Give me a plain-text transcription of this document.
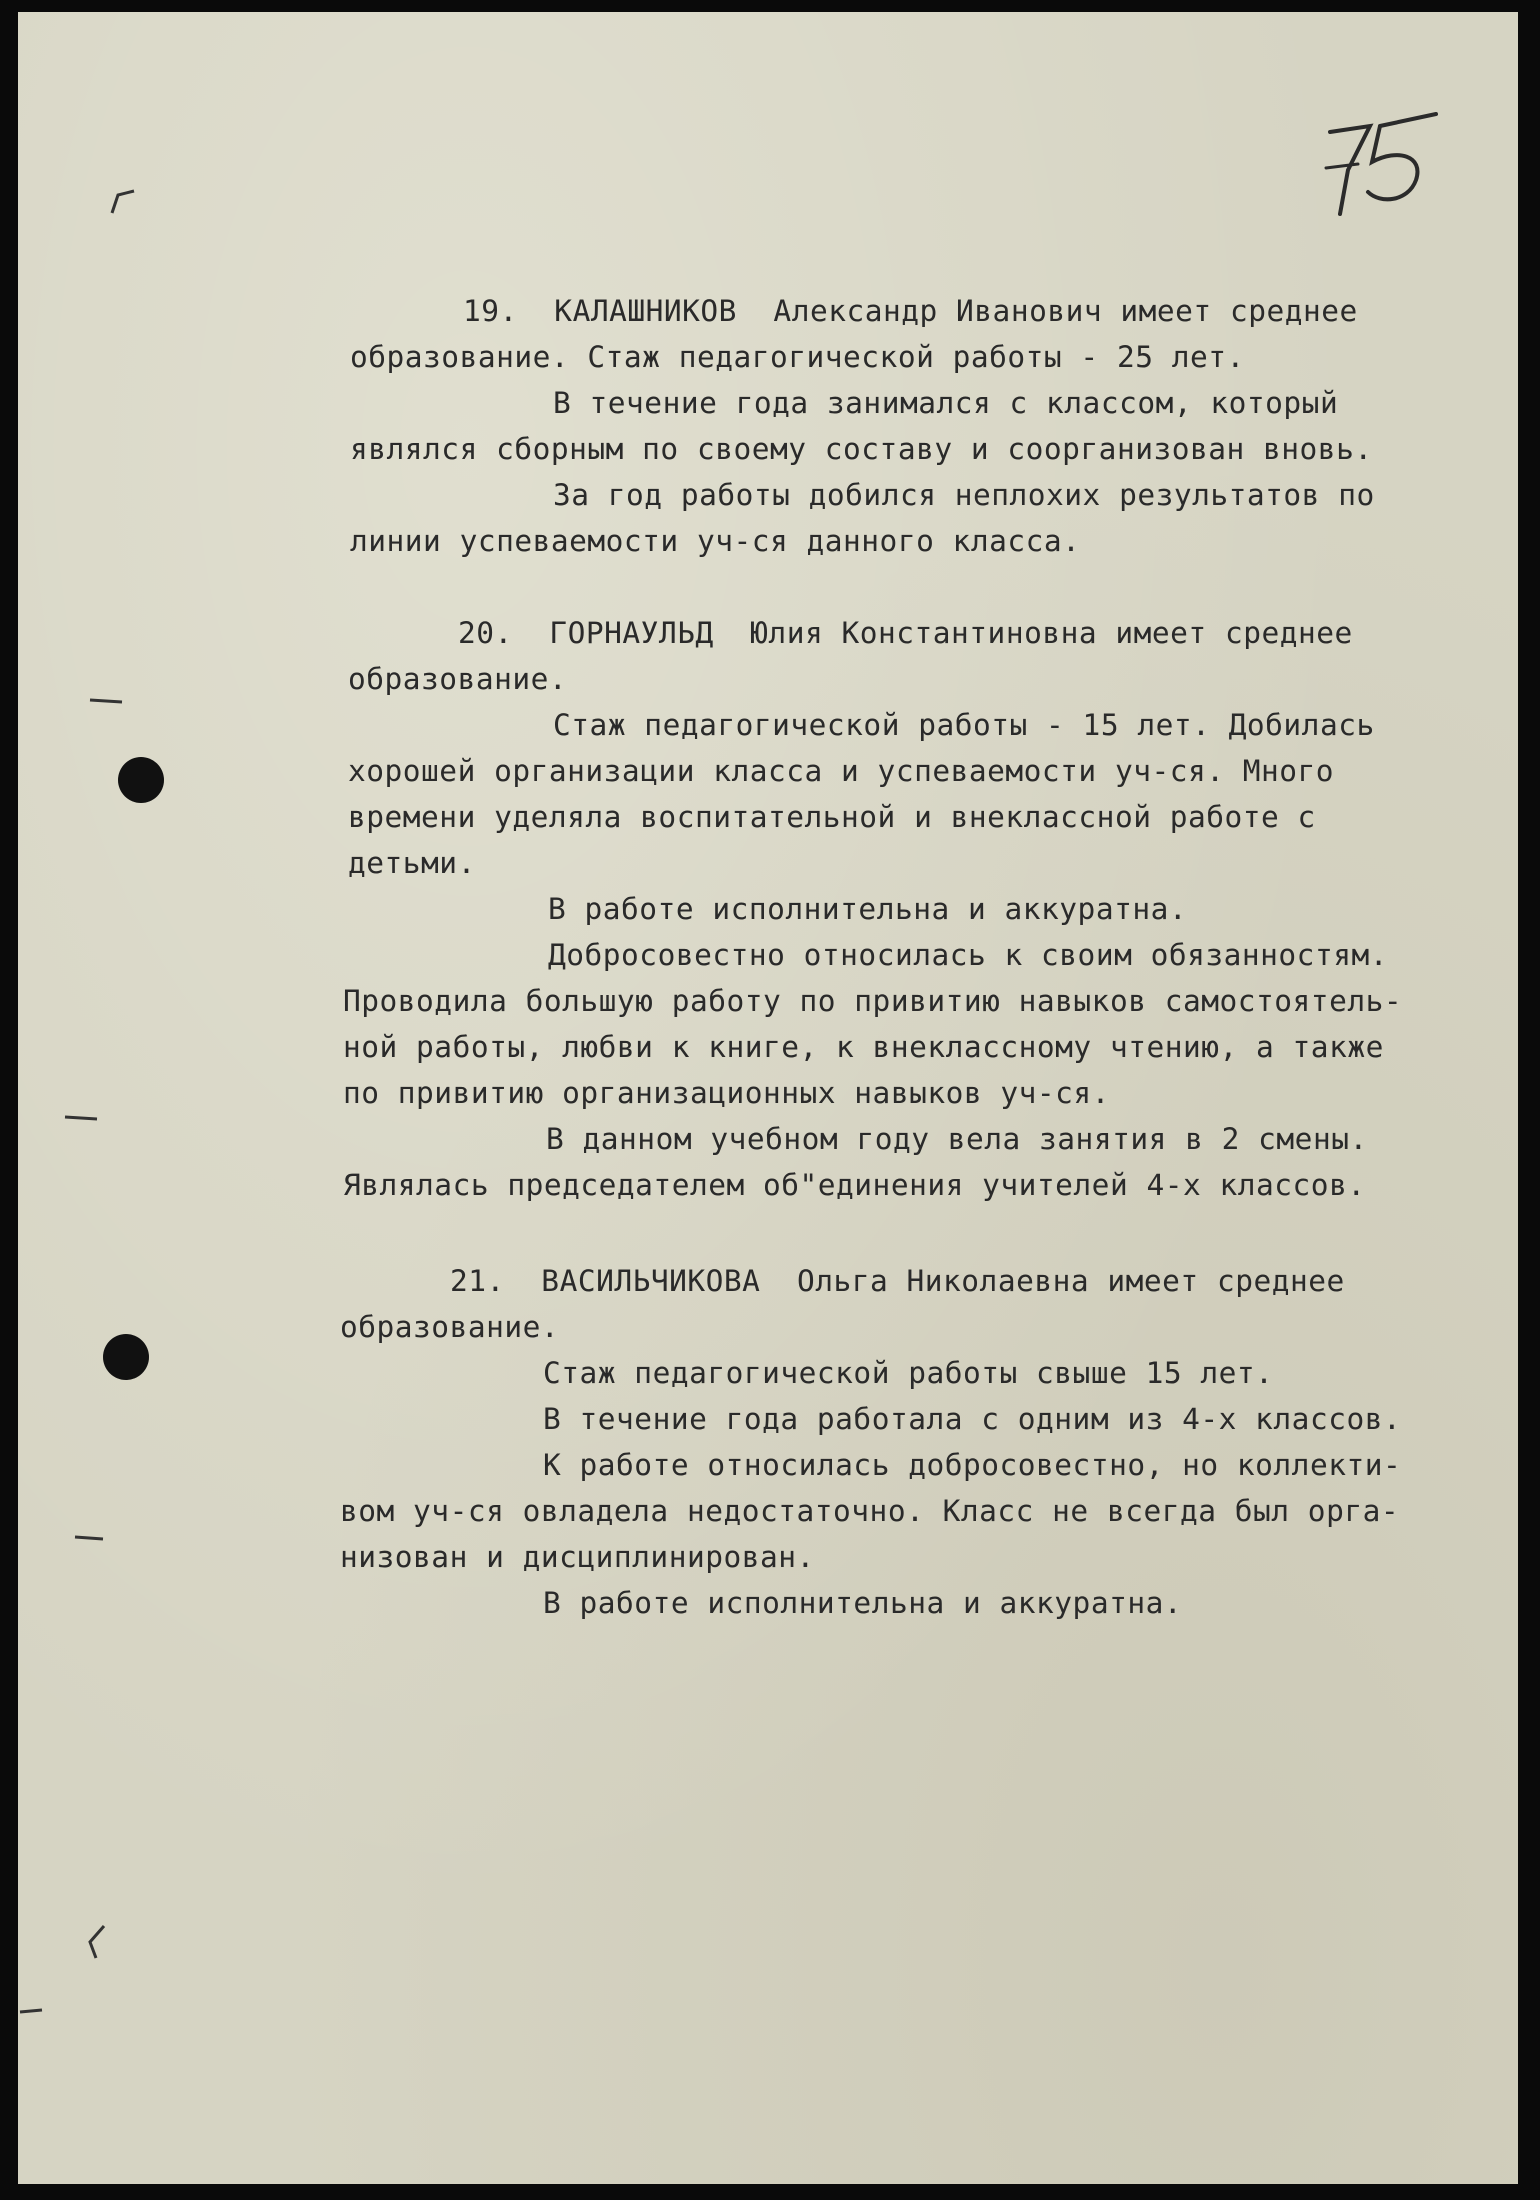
19.  КАЛАШНИКОВ  Александр Иванович имеет среднее

образование. Стаж педагогической работы - 25 лет.

В течение года занимался с классом, который

являлся сборным по своему составу и соорганизован вновь.

За год работы добился неплохих результатов по

линии успеваемости уч-ся данного класса.

20.  ГОРНАУЛЬД  Юлия Константиновна имеет среднее

образование.

Стаж педагогической работы - 15 лет. Добилась

хорошей организации класса и успеваемости уч-ся. Много

времени уделяла воспитательной и внеклассной работе с

детьми.

В работе исполнительна и аккуратна.

Добросовестно относилась к своим обязанностям.

Проводила большую работу по привитию навыков самостоятель-

ной работы, любви к книге, к внеклассному чтению, а также

по привитию организационных навыков уч-ся.

В данном учебном году вела занятия в 2 смены.

Являлась председателем об"единения учителей 4-х классов.

21.  ВАСИЛЬЧИКОВА  Ольга Николаевна имеет среднее

образование.

Стаж педагогической работы свыше 15 лет.

В течение года работала с одним из 4-х классов.

К работе относилась добросовестно, но коллекти-

вом уч-ся овладела недостаточно. Класс не всегда был орга-

низован и дисциплинирован.

В работе исполнительна и аккуратна.
